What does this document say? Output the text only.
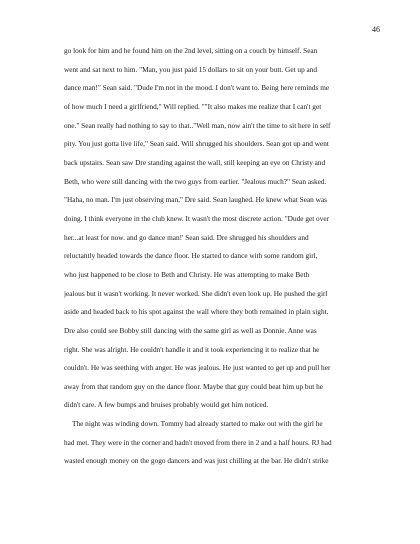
46
go look for him and he found him on the 2nd level, sitting on a couch by himself. Sean
went and sat next to him. "Man, you just paid 15 dollars to sit on your butt. Get up and
dance man!" Sean said. "Dude I'm not in the mood. I don't want to. Being here reminds me
of how much I need a girlfriend," Will replied. ""It also makes me realize that I can't get
one." Sean really had nothing to say to that.."Well man, now ain't the time to sit here in self
pity. You just gotta live life," Sean said. Will shrugged his shoulders. Sean got up and went
back upstairs. Sean saw Dre standing against the wall, still keeping an eye on Christy and
Beth, who were still dancing with the two guys from earlier. "Jealous much?" Sean asked.
"Haha, no man. I'm just observing man," Dre said. Sean laughed. He knew what Sean was
doing. I think everyone in the club knew. It wasn't the most discrete action. "Dude get over
her...at least for now. and go dance man!' Sean said. Dre shrugged his shoulders and
reluctantly headed towards the dance floor. He started to dance with some random girl,
who just happened to be close to Beth and Christy. He was attempting to make Beth
jealous but it wasn't working. It never worked. She didn't even look up. He pushed the girl
aside and headed back to his spot against the wall where they both remained in plain sight.
Dre also could see Bobby still dancing with the same girl as well as Donnie. Anne was
right. She was alright. He couldn't handle it and it took experiencing it to realize that he
couldn't. He was seething with anger. He was jealous. He just wanted to get up and pull her
away from that random guy on the dance floor. Maybe that guy could beat him up but he
didn't care. A few bumps and bruises probably would get him noticed.
The night was winding down. Tommy had already started to make out with the girl he
had met. They were in the corner and hadn't moved from there in 2 and a half hours. RJ had
wasted enough money on the gogo dancers and was just chilling at the bar. He didn't strike
